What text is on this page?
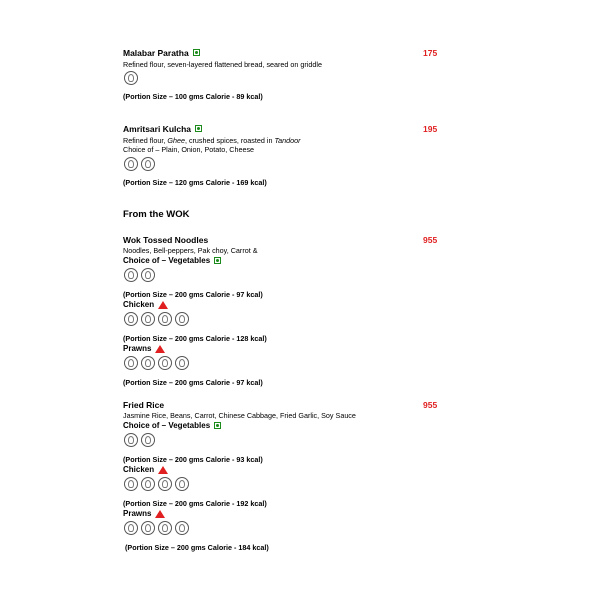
Malabar Paratha	175
Refined flour, seven-layered flattened bread, seared on griddle
(Portion Size – 100 gms Calorie - 89 kcal)
Amritsari Kulcha	195
Refined flour, Ghee, crushed spices, roasted in Tandoor
Choice of – Plain, Onion, Potato, Cheese
(Portion Size – 120 gms Calorie - 169 kcal)
From the WOK
Wok Tossed Noodles	955
Noodles, Bell-peppers, Pak choy, Carrot &
Choice of – Vegetables
(Portion Size – 200 gms Calorie - 97 kcal)
Chicken
(Portion Size – 200 gms Calorie - 128 kcal)
Prawns
(Portion Size – 200 gms Calorie - 97 kcal)
Fried Rice	955
Jasmine Rice, Beans, Carrot, Chinese Cabbage, Fried Garlic, Soy Sauce
Choice of – Vegetables
(Portion Size – 200 gms Calorie - 93 kcal)
Chicken
(Portion Size – 200 gms Calorie - 192 kcal)
Prawns
(Portion Size – 200 gms Calorie - 184 kcal)
